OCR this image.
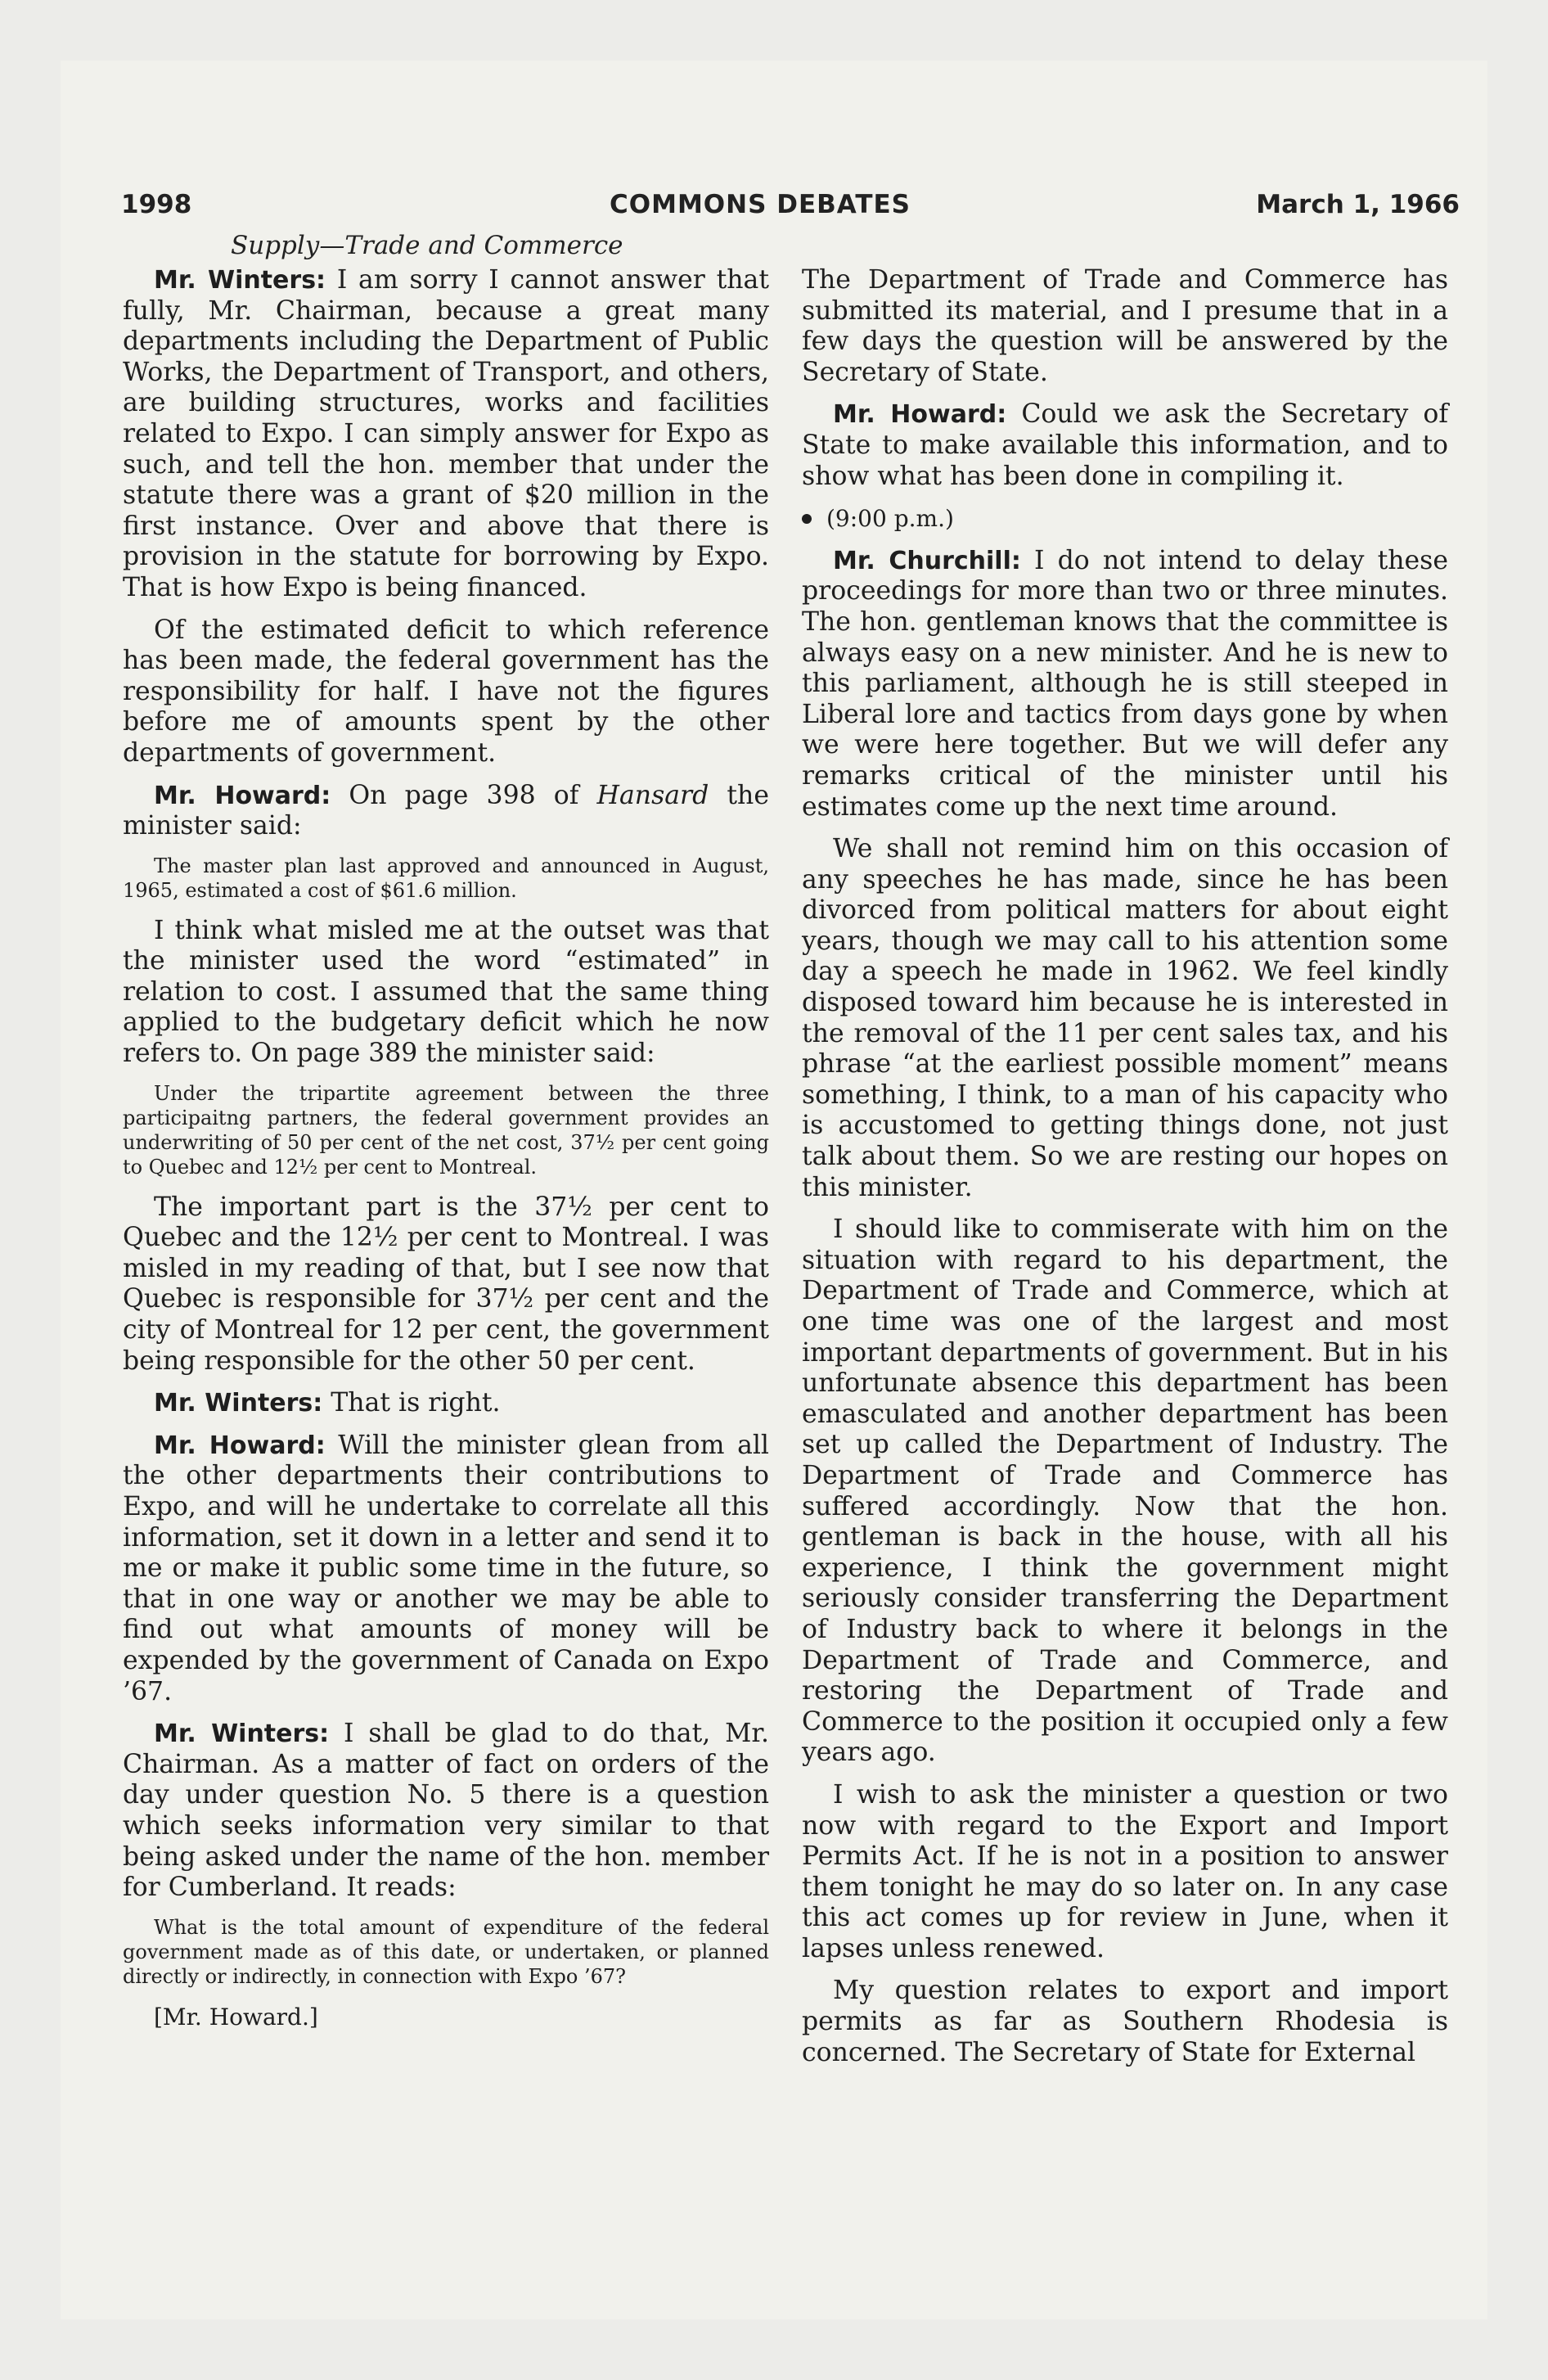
1998	COMMONS DEBATES	March 1, 1966
Supply—Trade and Commerce

Mr. Winters: I am sorry I cannot answer that fully, Mr. Chairman, because a great many departments including the Department of Public Works, the Department of Transport, and others, are building structures, works and facilities related to Expo. I can simply answer for Expo as such, and tell the hon. member that under the statute there was a grant of $20 million in the first instance. Over and above that there is provision in the statute for borrowing by Expo. That is how Expo is being financed.

Of the estimated deficit to which reference has been made, the federal government has the responsibility for half. I have not the figures before me of amounts spent by the other departments of government.

Mr. Howard: On page 398 of Hansard the minister said:

The master plan last approved and announced in August, 1965, estimated a cost of $61.6 million.

I think what misled me at the outset was that the minister used the word “estimated” in relation to cost. I assumed that the same thing applied to the budgetary deficit which he now refers to. On page 389 the minister said:

Under the tripartite agreement between the three participaitng partners, the federal government provides an underwriting of 50 per cent of the net cost, 37½ per cent going to Quebec and 12½ per cent to Montreal.

The important part is the 37½ per cent to Quebec and the 12½ per cent to Montreal. I was misled in my reading of that, but I see now that Quebec is responsible for 37½ per cent and the city of Montreal for 12 per cent, the government being responsible for the other 50 per cent.

Mr. Winters: That is right.

Mr. Howard: Will the minister glean from all the other departments their contributions to Expo, and will he undertake to correlate all this information, set it down in a letter and send it to me or make it public some time in the future, so that in one way or another we may be able to find out what amounts of money will be expended by the government of Canada on Expo ’67.

Mr. Winters: I shall be glad to do that, Mr. Chairman. As a matter of fact on orders of the day under question No. 5 there is a question which seeks information very similar to that being asked under the name of the hon. member for Cumberland. It reads:

What is the total amount of expenditure of the federal government made as of this date, or undertaken, or planned directly or indirectly, in connection with Expo ’67?

[Mr. Howard.]

The Department of Trade and Commerce has submitted its material, and I presume that in a few days the question will be answered by the Secretary of State.

Mr. Howard: Could we ask the Secretary of State to make available this information, and to show what has been done in compiling it.

(9:00 p.m.)

Mr. Churchill: I do not intend to delay these proceedings for more than two or three minutes. The hon. gentleman knows that the committee is always easy on a new minister. And he is new to this parliament, although he is still steeped in Liberal lore and tactics from days gone by when we were here together. But we will defer any remarks critical of the minister until his estimates come up the next time around.

We shall not remind him on this occasion of any speeches he has made, since he has been divorced from political matters for about eight years, though we may call to his attention some day a speech he made in 1962. We feel kindly disposed toward him because he is interested in the removal of the 11 per cent sales tax, and his phrase “at the earliest possible moment” means something, I think, to a man of his capacity who is accustomed to getting things done, not just talk about them. So we are resting our hopes on this minister.

I should like to commiserate with him on the situation with regard to his department, the Department of Trade and Commerce, which at one time was one of the largest and most important departments of government. But in his unfortunate absence this department has been emasculated and another department has been set up called the Department of Industry. The Department of Trade and Commerce has suffered accordingly. Now that the hon. gentleman is back in the house, with all his experience, I think the government might seriously consider transferring the Department of Industry back to where it belongs in the Department of Trade and Commerce, and restoring the Department of Trade and Commerce to the position it occupied only a few years ago.

I wish to ask the minister a question or two now with regard to the Export and Import Permits Act. If he is not in a position to answer them tonight he may do so later on. In any case this act comes up for review in June, when it lapses unless renewed.

My question relates to export and import permits as far as Southern Rhodesia is concerned. The Secretary of State for External
